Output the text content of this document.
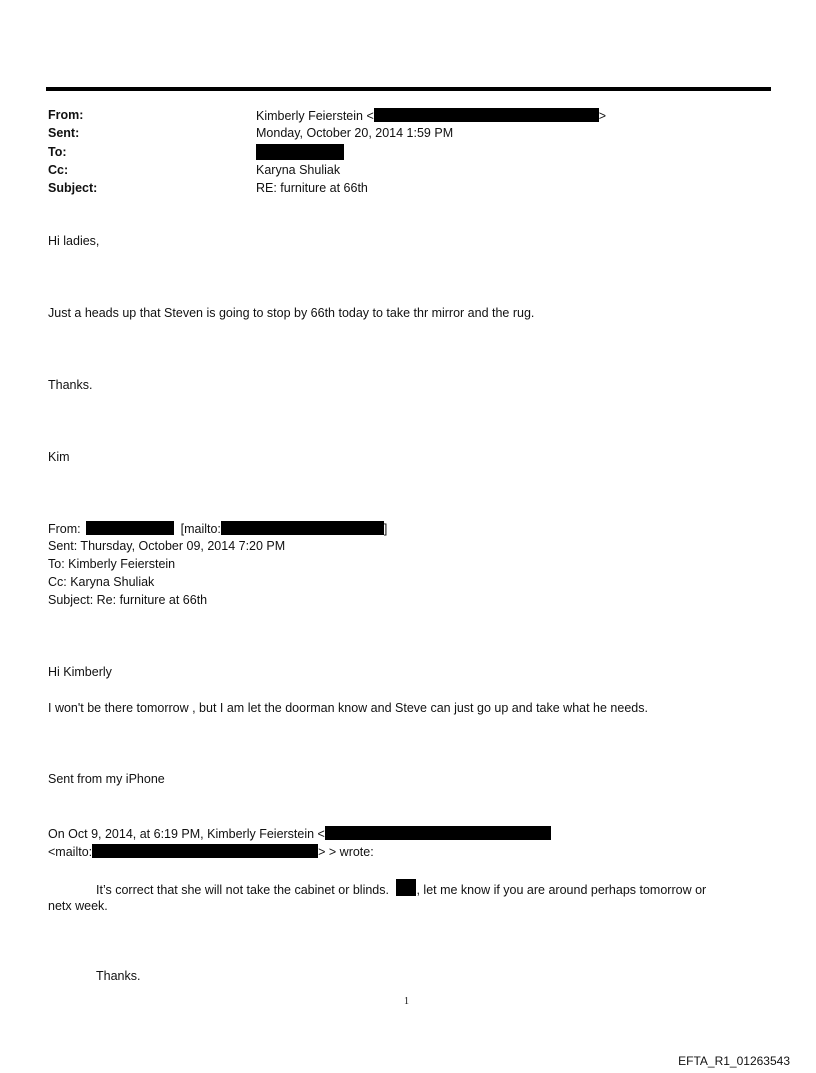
From:	Kimberly Feierstein <	>
Sent:	Monday, October 20, 2014 1:59 PM
To:
Cc:	Karyna Shuliak
Subject:	RE: furniture at 66th
Hi ladies,
Just a heads up that Steven is going to stop by 66th today to take thr mirror and the rug.
Thanks.
Kim
From:	[mailto:	]
Sent: Thursday, October 09, 2014 7:20 PM
To: Kimberly Feierstein
Cc: Karyna Shuliak
Subject: Re: furniture at 66th
Hi Kimberly
I won't be there tomorrow , but I am let the doorman know and Steve can just go up and take what he needs.
Sent from my iPhone
On Oct 9, 2014, at 6:19 PM, Kimberly Feierstein <
<mailto:	> > wrote:
It’s correct that she will not take the cabinet or blinds. , let me know if you are around perhaps tomorrow or
netx week.
Thanks.
1
EFTA_R1_01263543
